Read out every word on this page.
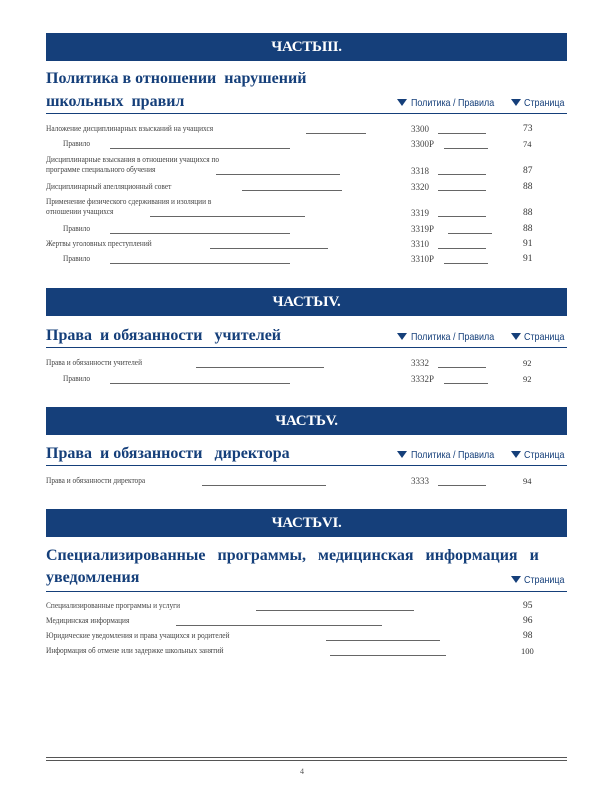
ЧАСТЬIII.
Политика в отношении  нарушений
школьных  правил	Политика / Правила	Страница
Наложение дисциплинарных взысканий на учащихся	3300	73
Правило	3300P	74
Дисциплинарные взыскания в отношении учащихся по
программе специального обучения	3318	87
Дисциплинарный апелляционный совет	3320	88
Применение физического сдерживания и изоляции в
отношении учащихся	3319	88
Правило	3319P	88
Жертвы уголовных преступлений	3310	91
Правило	3310P	91
ЧАСТЬIV.
Права  и обязанности   учителей	Политика / Правила	Страница
Права и обязанности учителей	3332	92
Правило	3332P	92
ЧАСТЬV.
Права  и обязанности   директора	Политика / Правила	Страница
Права и обязанности директора	3333	94
ЧАСТЬVI.
Специализированные   программы,   медицинская   информация   и
уведомления	Страница
Специализированные программы и услуги	95
Медицинская информация	96
Юридические уведомления и права учащихся и родителей	98
Информация об отмене или задержке школьных занятий	100
4
